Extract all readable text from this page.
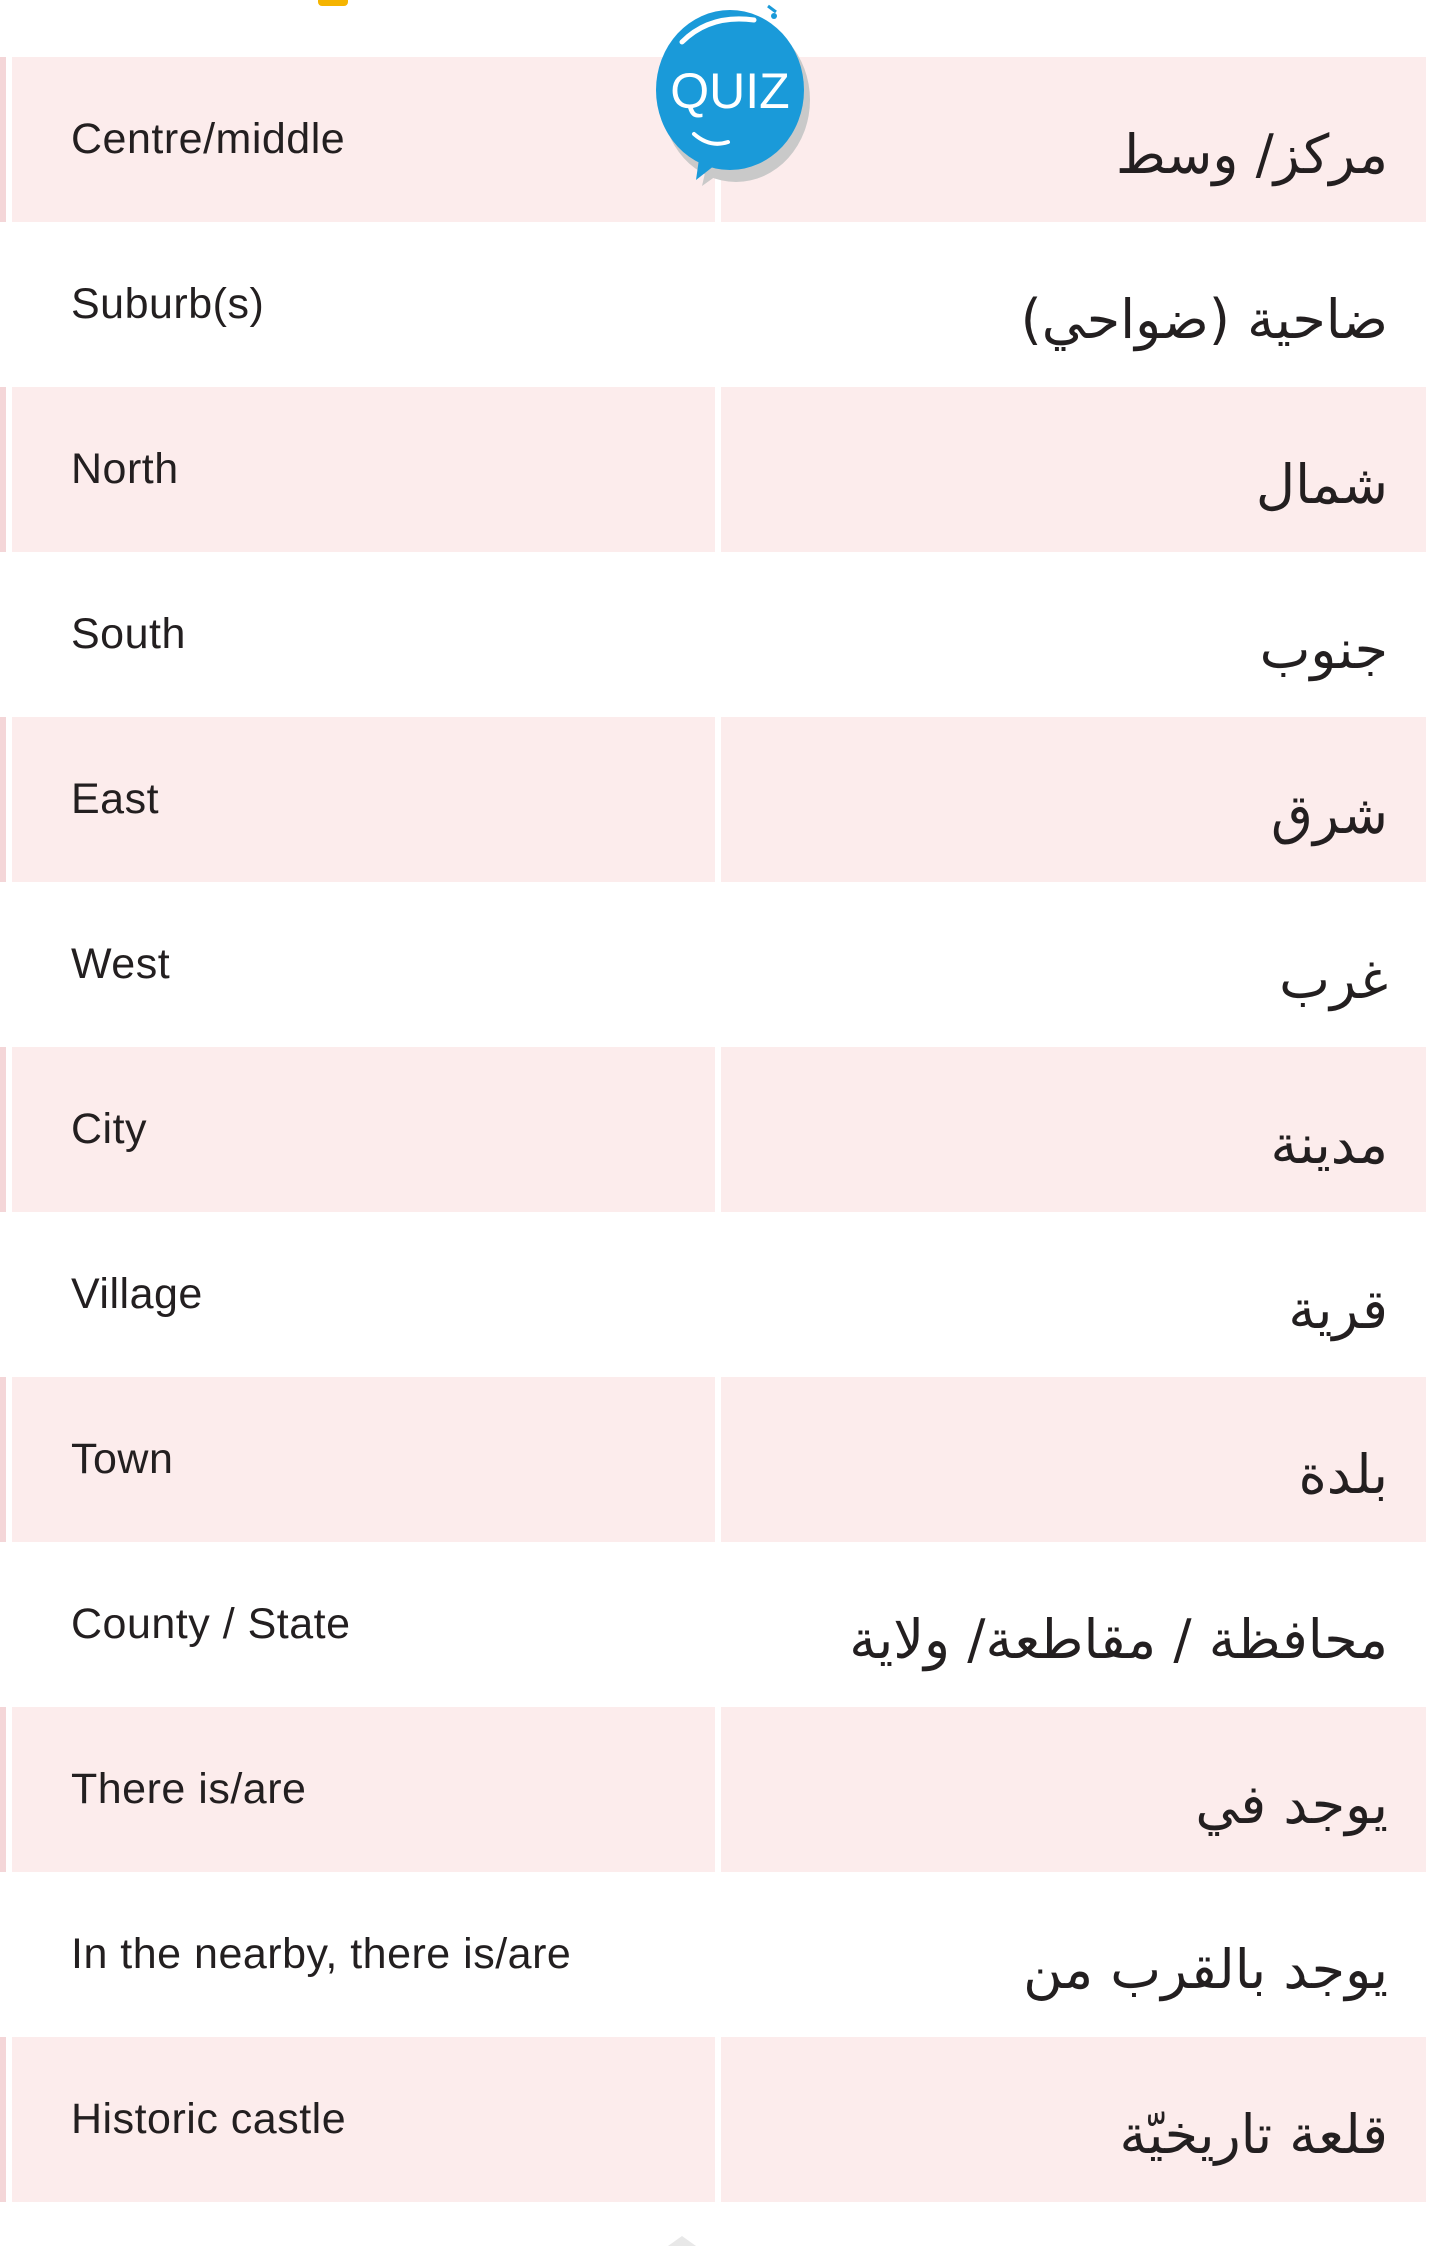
Centre/middle	مركز/ وسط
Suburb(s)	ضاحية (ضواحي)
North	شمال
South	جنوب
East	شرق
West	غرب
City	مدينة
Village	قرية
Town	بلدة
County / State	محافظة / مقاطعة/ ولاية
There is/are	يوجد في
In the nearby, there is/are	يوجد بالقرب من
Historic castle	قلعة تاريخيّة
QUIZ
